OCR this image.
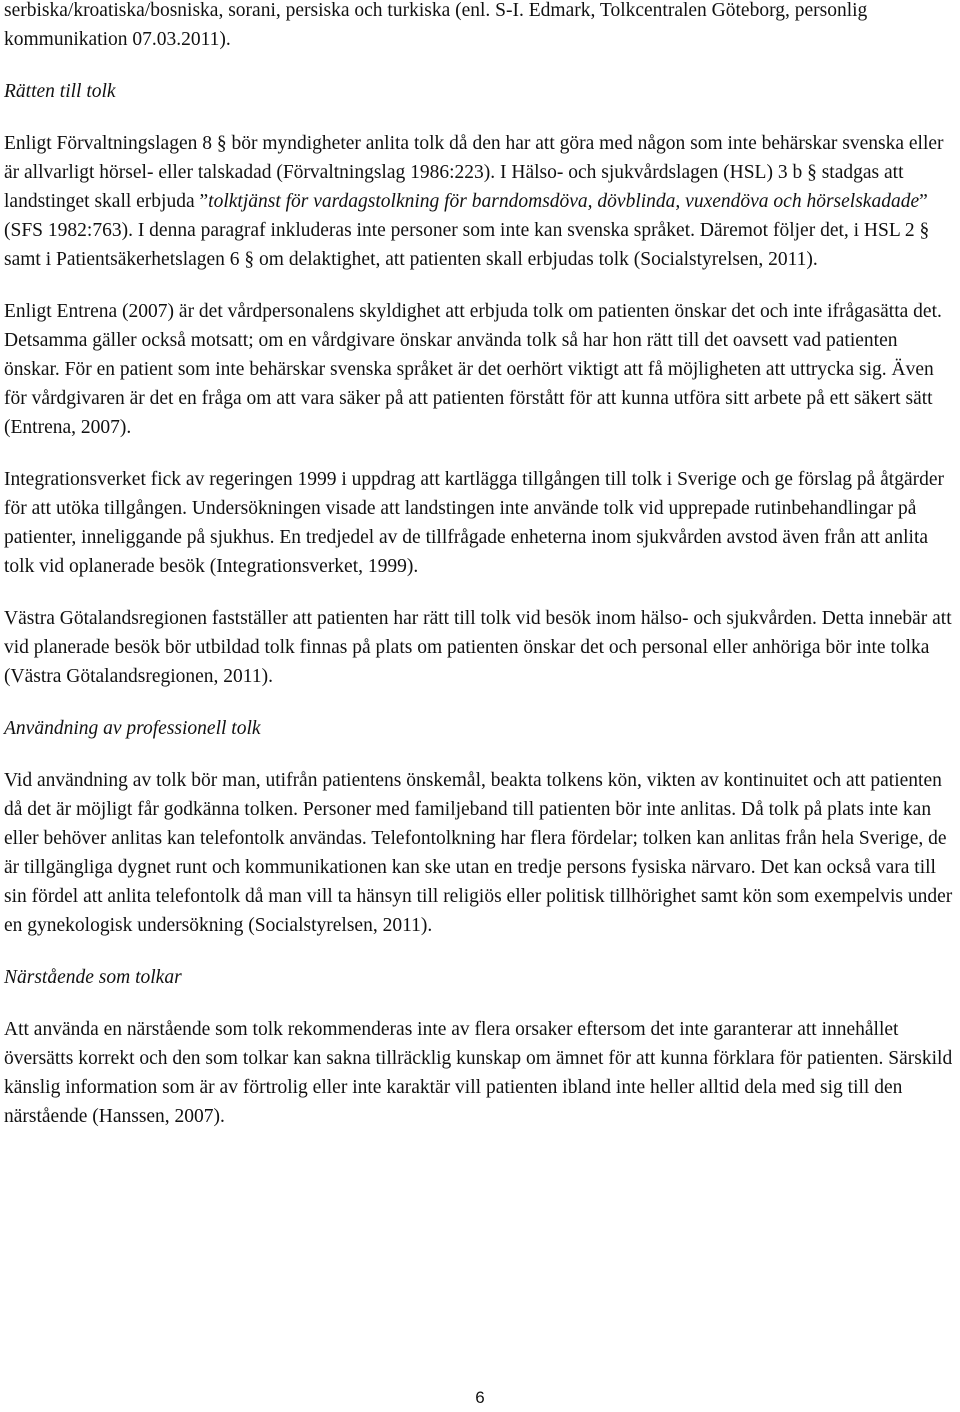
serbiska/kroatiska/bosniska, sorani, persiska och turkiska (enl. S-I. Edmark, Tolkcentralen Göteborg, personlig kommunikation 07.03.2011).

Rätten till tolk

Enligt Förvaltningslagen 8 § bör myndigheter anlita tolk då den har att göra med någon som inte behärskar svenska eller är allvarligt hörsel- eller talskadad (Förvaltningslag 1986:223). I Hälso- och sjukvårdslagen (HSL) 3 b § stadgas att landstinget skall erbjuda ”tolktjänst för vardagstolkning för barndomsdöva, dövblinda, vuxendöva och hörselskadade” (SFS 1982:763). I denna paragraf inkluderas inte personer som inte kan svenska språket. Däremot följer det, i HSL 2 § samt i Patientsäkerhetslagen 6 § om delaktighet, att patienten skall erbjudas tolk (Socialstyrelsen, 2011).

Enligt Entrena (2007) är det vårdpersonalens skyldighet att erbjuda tolk om patienten önskar det och inte ifrågasätta det. Detsamma gäller också motsatt; om en vårdgivare önskar använda tolk så har hon rätt till det oavsett vad patienten önskar. För en patient som inte behärskar svenska språket är det oerhört viktigt att få möjligheten att uttrycka sig. Även för vårdgivaren är det en fråga om att vara säker på att patienten förstått för att kunna utföra sitt arbete på ett säkert sätt (Entrena, 2007).

Integrationsverket fick av regeringen 1999 i uppdrag att kartlägga tillgången till tolk i Sverige och ge förslag på åtgärder för att utöka tillgången. Undersökningen visade att landstingen inte använde tolk vid upprepade rutinbehandlingar på patienter, inneliggande på sjukhus. En tredjedel av de tillfrågade enheterna inom sjukvården avstod även från att anlita tolk vid oplanerade besök (Integrationsverket, 1999).

Västra Götalandsregionen fastställer att patienten har rätt till tolk vid besök inom hälso- och sjukvården. Detta innebär att vid planerade besök bör utbildad tolk finnas på plats om patienten önskar det och personal eller anhöriga bör inte tolka (Västra Götalandsregionen, 2011).

Användning av professionell tolk

Vid användning av tolk bör man, utifrån patientens önskemål, beakta tolkens kön, vikten av kontinuitet och att patienten då det är möjligt får godkänna tolken. Personer med familjeband till patienten bör inte anlitas. Då tolk på plats inte kan eller behöver anlitas kan telefontolk användas. Telefontolkning har flera fördelar; tolken kan anlitas från hela Sverige, de är tillgängliga dygnet runt och kommunikationen kan ske utan en tredje persons fysiska närvaro. Det kan också vara till sin fördel att anlita telefontolk då man vill ta hänsyn till religiös eller politisk tillhörighet samt kön som exempelvis under en gynekologisk undersökning (Socialstyrelsen, 2011).

Närstående som tolkar

Att använda en närstående som tolk rekommenderas inte av flera orsaker eftersom det inte garanterar att innehållet översätts korrekt och den som tolkar kan sakna tillräcklig kunskap om ämnet för att kunna förklara för patienten. Särskild känslig information som är av förtrolig eller inte karaktär vill patienten ibland inte heller alltid dela med sig till den närstående (Hanssen, 2007).

6
